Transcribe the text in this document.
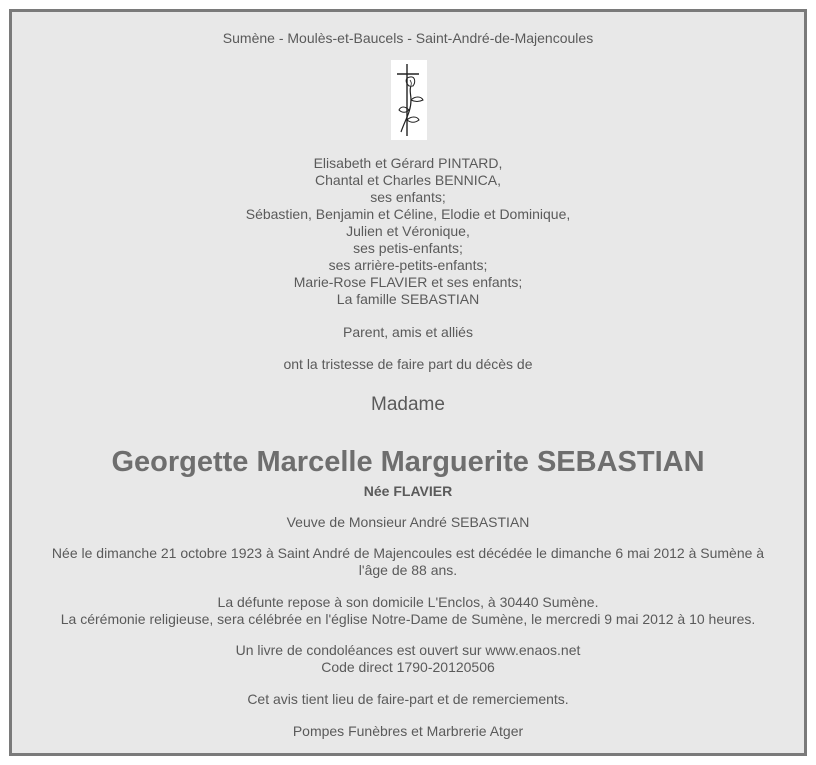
Sumène - Moulès-et-Baucels - Saint-André-de-Majencoules
Elisabeth et Gérard PINTARD,
Chantal et Charles BENNICA,
ses enfants;
Sébastien, Benjamin et Céline, Elodie et Dominique,
Julien et Véronique,
ses petis-enfants;
ses arrière-petits-enfants;
Marie-Rose FLAVIER et ses enfants;
La famille SEBASTIAN
Parent, amis et alliés
ont la tristesse de faire part du décès de
Madame
Georgette Marcelle Marguerite SEBASTIAN
Née FLAVIER
Veuve de Monsieur André SEBASTIAN
Née le dimanche 21 octobre 1923 à Saint André de Majencoules est décédée le dimanche 6 mai 2012 à Sumène à
l'âge de 88 ans.
La défunte repose à son domicile L'Enclos, à 30440 Sumène.
La cérémonie religieuse, sera célébrée en l'église Notre-Dame de Sumène, le mercredi 9 mai 2012 à 10 heures.
Un livre de condoléances est ouvert sur www.enaos.net
Code direct 1790-20120506
Cet avis tient lieu de faire-part et de remerciements.
Pompes Funèbres et Marbrerie Atger
